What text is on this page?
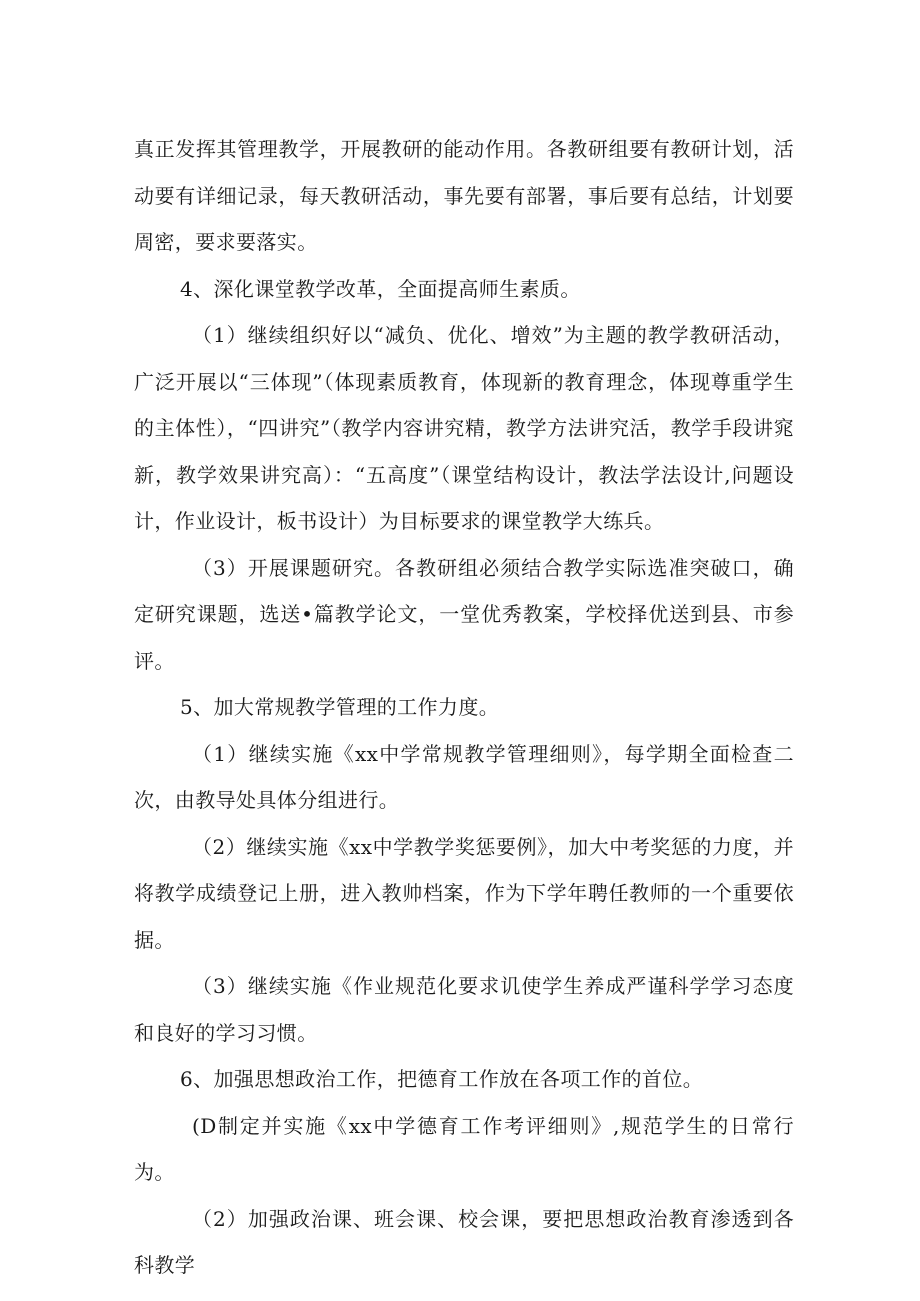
真正发挥其管理教学，开展教研的能动作用。各教研组要有教研计划，活动要有详细记录，每天教研活动，事先要有部署，事后要有总结，计划要周密，要求要落实。

4、深化课堂教学改革，全面提高师生素质。

（1）继续组织好以“减负、优化、增效”为主题的教学教研活动，广泛开展以“三体现”（体现素质教育，体现新的教育理念，体现尊重学生的主体性），“四讲究”（教学内容讲究精，教学方法讲究活，教学手段讲窕新，教学效果讲究高）：“五高度”（课堂结构设计，教法学法设计,问题设计，作业设计，板书设计）为目标要求的课堂教学大练兵。

（3）开展课题研究。各教研组必须结合教学实际选准突破口，确定研究课题，选送•篇教学论文，一堂优秀教案，学校择优送到县、市参评。

5、加大常规教学管理的工作力度。

（1）继续实施《xx中学常规教学管理细则》，每学期全面检查二次，由教导处具体分组进行。

（2）继续实施《xx中学教学奖惩要例》，加大中考奖惩的力度，并将教学成绩登记上册，进入教帅档案，作为下学年聘任教师的一个重要依据。

（3）继续实施《作业规范化要求讥使学生养成严谨科学学习态度和良好的学习习惯。

6、加强思想政治工作，把德育工作放在各项工作的首位。

(D制定并实施《xx中学德育工作考评细则》,规范学生的日常行为。

（2）加强政治课、班会课、校会课，要把思想政治教育渗透到各科教学
